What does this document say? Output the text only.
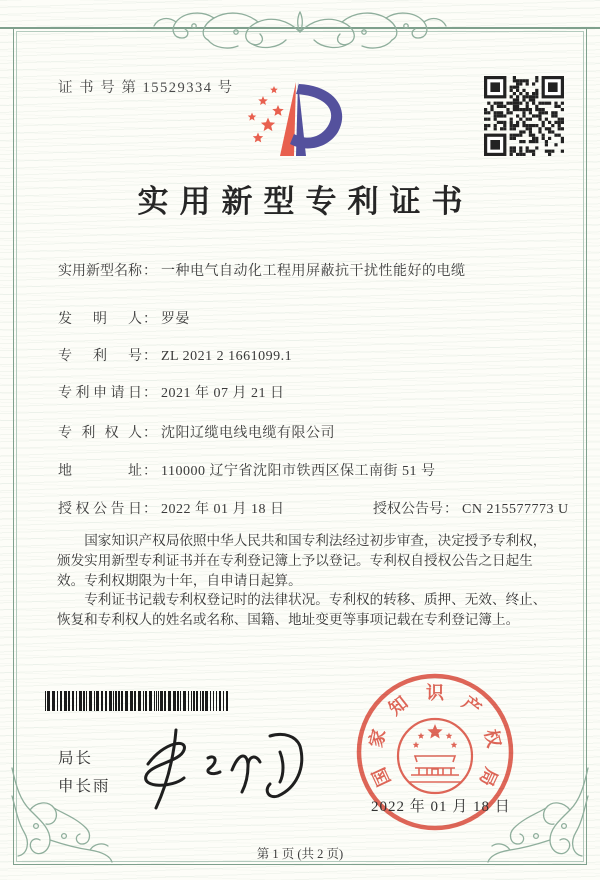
证 书 号 第 15529334 号
实用新型专利证书
实用新型名称： 一种电气自动化工程用屏蔽抗干扰性能好的电缆
发明人： 罗晏
专利号： ZL 2021 2 1661099.1
专利申请日： 2021 年 07 月 21 日
专利权人： 沈阳辽缆电线电缆有限公司
地址： 110000 辽宁省沈阳市铁西区保工南街 51 号
授权公告日： 2022 年 01 月 18 日	授权公告号： CN 215577773 U

国家知识产权局依照中华人民共和国专利法经过初步审查，决定授予专利权，颁发实用新型专利证书并在专利登记簿上予以登记。专利权自授权公告之日起生效。专利权期限为十年，自申请日起算。

专利证书记载专利权登记时的法律状况。专利权的转移、质押、无效、终止、恢复和专利权人的姓名或名称、国籍、地址变更等事项记载在专利登记簿上。

局长
申长雨	国
家
知 识 产
权
局
2022 年 01 月 18 日
第 1 页 (共 2 页)
